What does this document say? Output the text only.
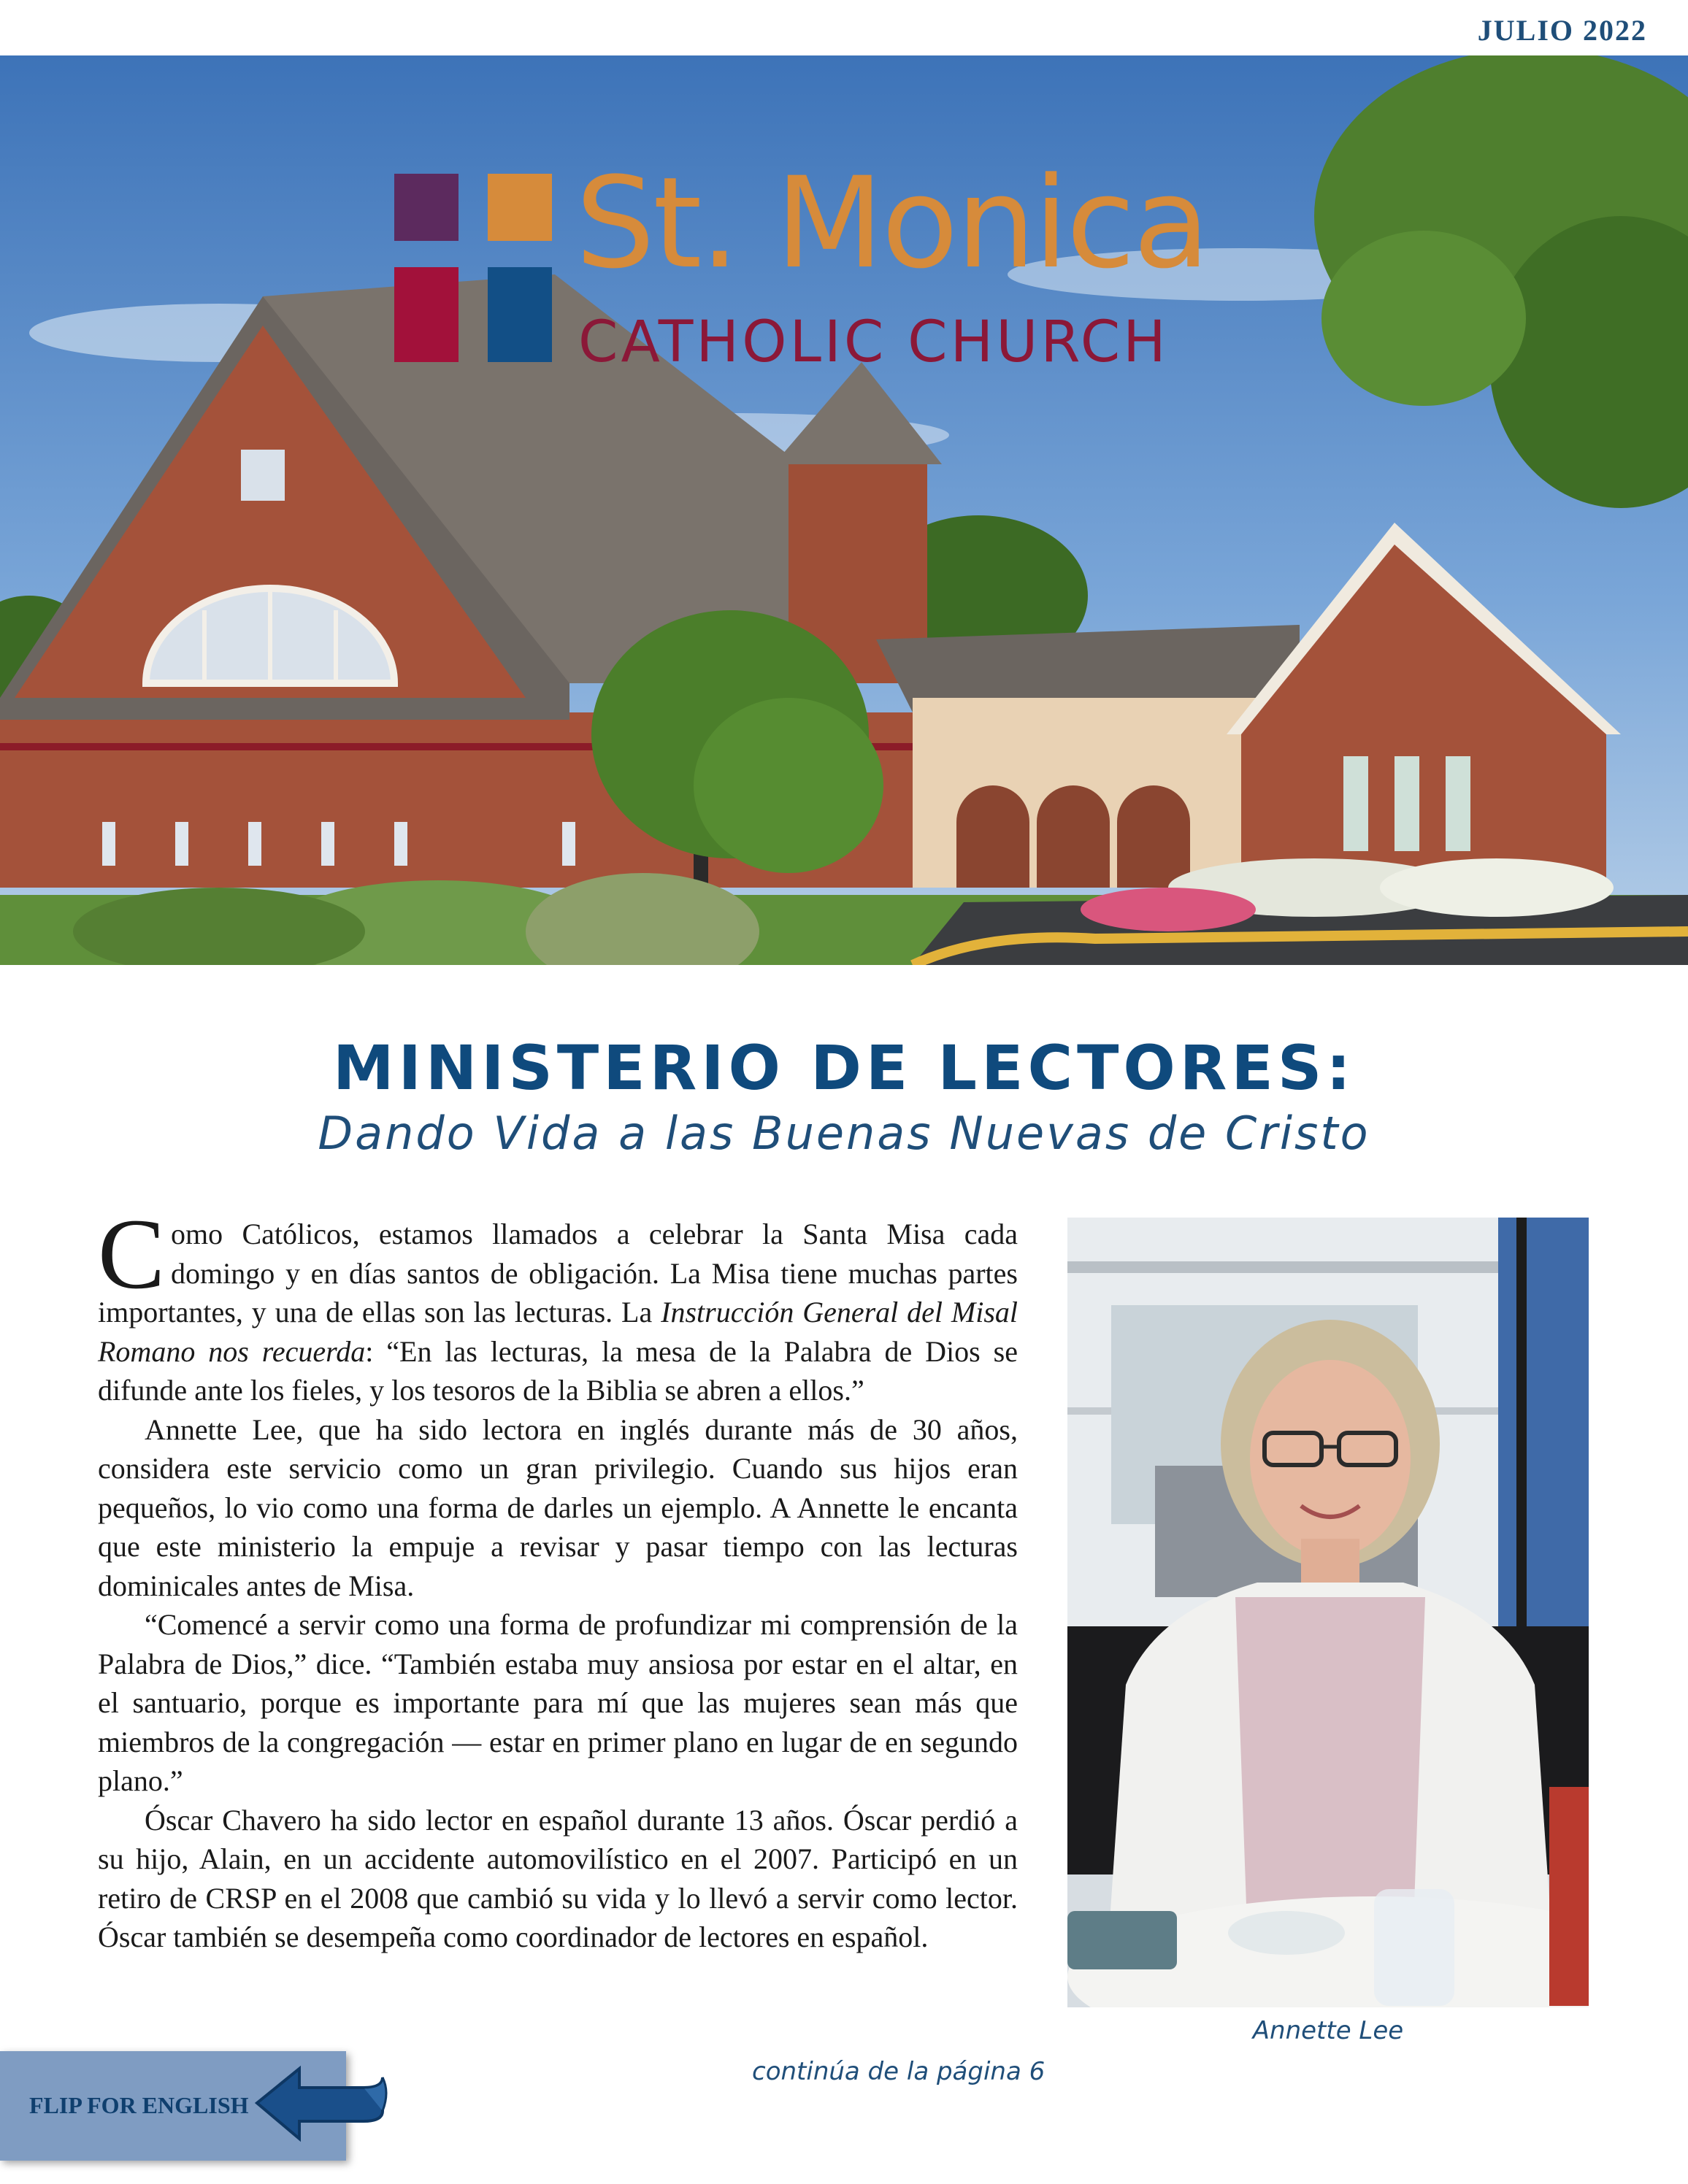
JULIO 2022
St. Monica
CATHOLIC CHURCH
MINISTERIO DE LECTORES:
Dando Vida a las Buenas Nuevas de Cristo

Como Católicos, estamos llamados a celebrar la Santa Misa cada domingo y en días santos de obligación. La Misa tiene muchas partes importantes, y una de ellas son las lecturas. La Instrucción General del Misal Romano nos recuerda: “En las lecturas, la mesa de la Palabra de Dios se difunde ante los fieles, y los tesoros de la Biblia se abren a ellos.”

Annette Lee, que ha sido lectora en inglés durante más de 30 años, considera este servicio como un gran privilegio. Cuando sus hijos eran pequeños, lo vio como una forma de darles un ejemplo. A Annette le encanta que este ministerio la empuje a revisar y pasar tiempo con las lecturas dominicales antes de Misa.

“Comencé a servir como una forma de profundizar mi comprensión de la Palabra de Dios,” dice. “También estaba muy ansiosa por estar en el altar, en el santuario, porque es importante para mí que las mujeres sean más que miembros de la congregación — estar en primer plano en lugar de en segundo plano.”

Óscar Chavero ha sido lector en español durante 13 años. Óscar perdió a su hijo, Alain, en un accidente automovilístico en el 2007. Participó en un retiro de CRSP en el 2008 que cambió su vida y lo llevó a servir como lector. Óscar también se desempeña como coordinador de lectores en español.

Annette Lee
continúa de la página 6
FLIP FOR ENGLISH
